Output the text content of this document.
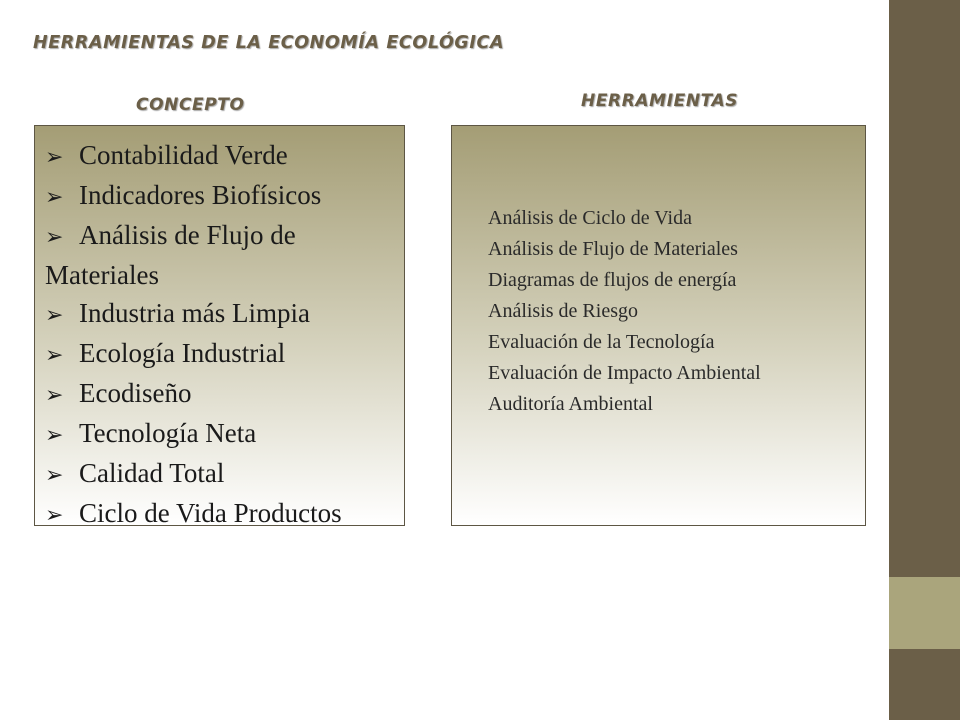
HERRAMIENTAS DE LA ECONOMÍA ECOLÓGICA
CONCEPTO	HERRAMIENTAS
➢ Contabilidad Verde
➢ Indicadores Biofísicos
➢ Análisis de Flujo de Materiales
➢ Industria más Limpia
➢ Ecología Industrial
➢ Ecodiseño
➢ Tecnología Neta
➢ Calidad Total
➢ Ciclo de Vida Productos
Análisis de Ciclo de Vida
Análisis de Flujo de Materiales
Diagramas de flujos de energía
Análisis de Riesgo
Evaluación de la Tecnología
Evaluación de Impacto Ambiental
Auditoría Ambiental
